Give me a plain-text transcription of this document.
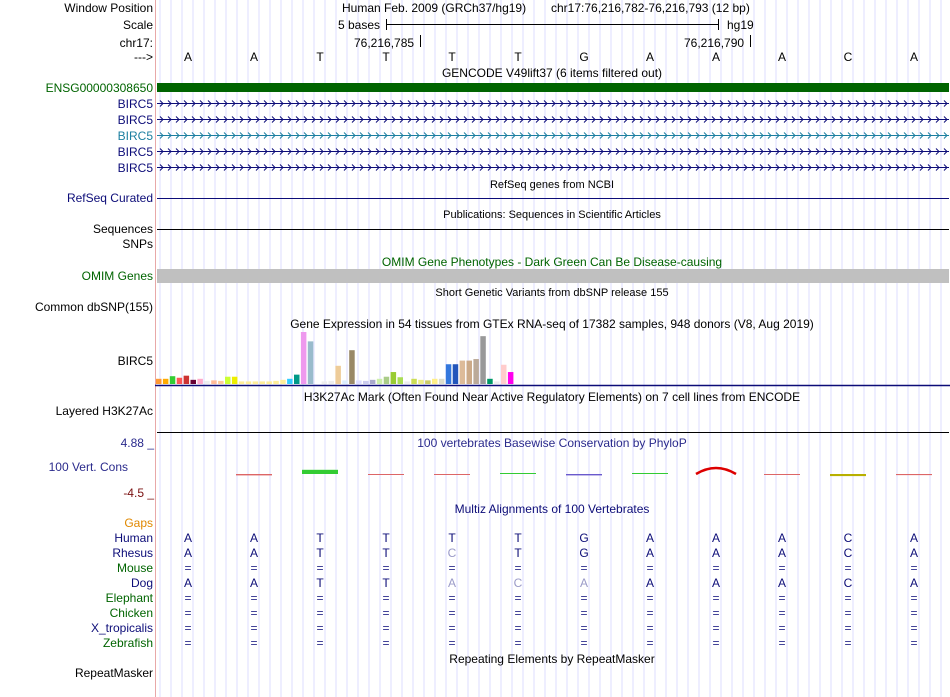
Window Position
Scale
chr17:
--->
Human Feb. 2009 (GRCh37/hg19) chr17:76,216,782-76,216,793 (12 bp)
5 bases	hg19
76,216,785	76,216,790
A	A	T	T	T	T	G	A	A	A	C	A
GENCODE V49lift37 (6 items filtered out)
ENSG00000308650
BIRC5
BIRC5
BIRC5
BIRC5
BIRC5
RefSeq genes from NCBI
RefSeq Curated
Publications: Sequences in Scientific Articles
Sequences
SNPs
OMIM Gene Phenotypes - Dark Green Can Be Disease-causing
OMIM Genes
Short Genetic Variants from dbSNP release 155
Common dbSNP(155)
Gene Expression in 54 tissues from GTEx RNA-seq of 17382 samples, 948 donors (V8, Aug 2019)
BIRC5
H3K27Ac Mark (Often Found Near Active Regulatory Elements) on 7 cell lines from ENCODE
Layered H3K27Ac
100 vertebrates Basewise Conservation by PhyloP
4.88 _
100 Vert. Cons
-4.5 _
Multiz Alignments of 100 Vertebrates
Gaps
Human	A	A	T	T	T	T	G	A	A	A	C	A
Rhesus	A	A	T	T	C	T	G	A	A	A	C	A
Mouse	=	=	=	=	=	=	=	=	=	=	=	=
Dog	A	A	T	T	A	C	A	A	A	A	C	A
Elephant	=	=	=	=	=	=	=	=	=	=	=	=
Chicken	=	=	=	=	=	=	=	=	=	=	=	=
X_tropicalis	=	=	=	=	=	=	=	=	=	=	=	=
Zebrafish	=	=	=	=	=	=	=	=	=	=	=	=
Repeating Elements by RepeatMasker
RepeatMasker
